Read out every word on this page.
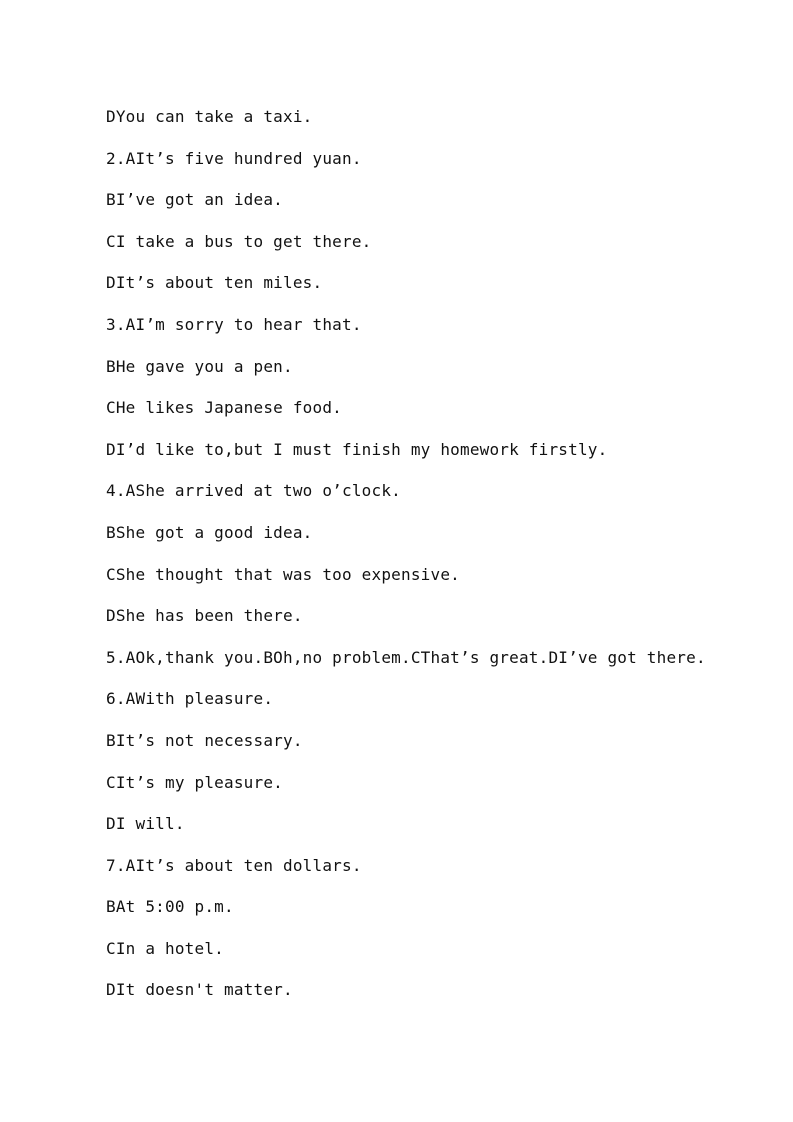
DYou can take a taxi.
2.AIt’s five hundred yuan.
BI’ve got an idea.
CI take a bus to get there.
DIt’s about ten miles.
3.AI’m sorry to hear that.
BHe gave you a pen.
CHe likes Japanese food.
DI’d like to,but I must finish my homework firstly.
4.AShe arrived at two o’clock.
BShe got a good idea.
CShe thought that was too expensive.
DShe has been there.
5.AOk,thank you.BOh,no problem.CThat’s great.DI’ve got there.
6.AWith pleasure.
BIt’s not necessary.
CIt’s my pleasure.
DI will.
7.AIt’s about ten dollars.
BAt 5:00 p.m.
CIn a hotel.
DIt doesn't matter.
